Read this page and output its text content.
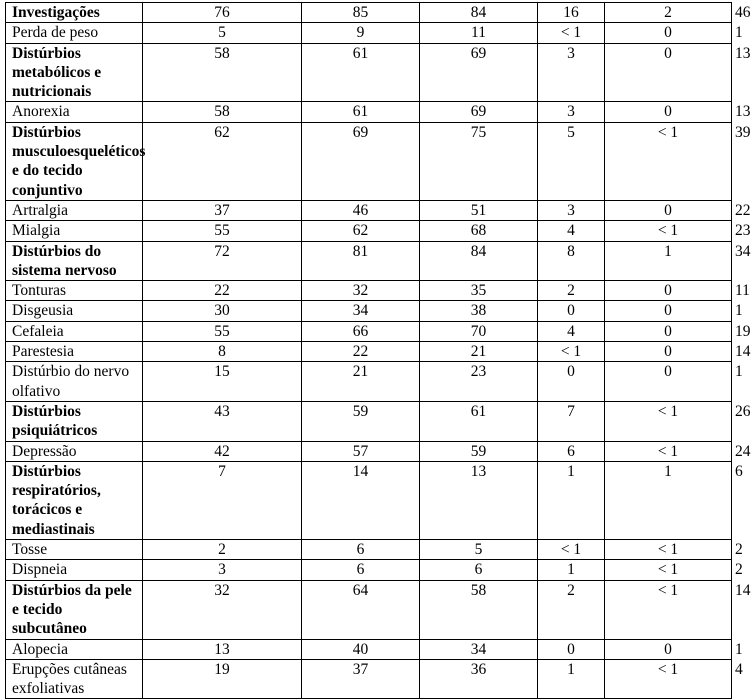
Investigações	76	85	84	16	2	46
Perda de peso	5	9	11	< 1	0	1
Distúrbios metabólicos e nutricionais	58	61	69	3	0	13
Anorexia	58	61	69	3	0	13
Distúrbios musculoesqueléticos e do tecido conjuntivo	62	69	75	5	< 1	39
Artralgia	37	46	51	3	0	22
Mialgia	55	62	68	4	< 1	23
Distúrbios do sistema nervoso	72	81	84	8	1	34
Tonturas	22	32	35	2	0	11
Disgeusia	30	34	38	0	0	1
Cefaleia	55	66	70	4	0	19
Parestesia	8	22	21	< 1	0	14
Distúrbio do nervo olfativo	15	21	23	0	0	1
Distúrbios psiquiátricos	43	59	61	7	< 1	26
Depressão	42	57	59	6	< 1	24
Distúrbios respiratórios, torácicos e mediastinais	7	14	13	1	1	6
Tosse	2	6	5	< 1	< 1	2
Dispneia	3	6	6	1	< 1	2
Distúrbios da pele e tecido subcutâneo	32	64	58	2	< 1	14
Alopecia	13	40	34	0	0	1
Erupções cutâneas exfoliativas	19	37	36	1	< 1	4
